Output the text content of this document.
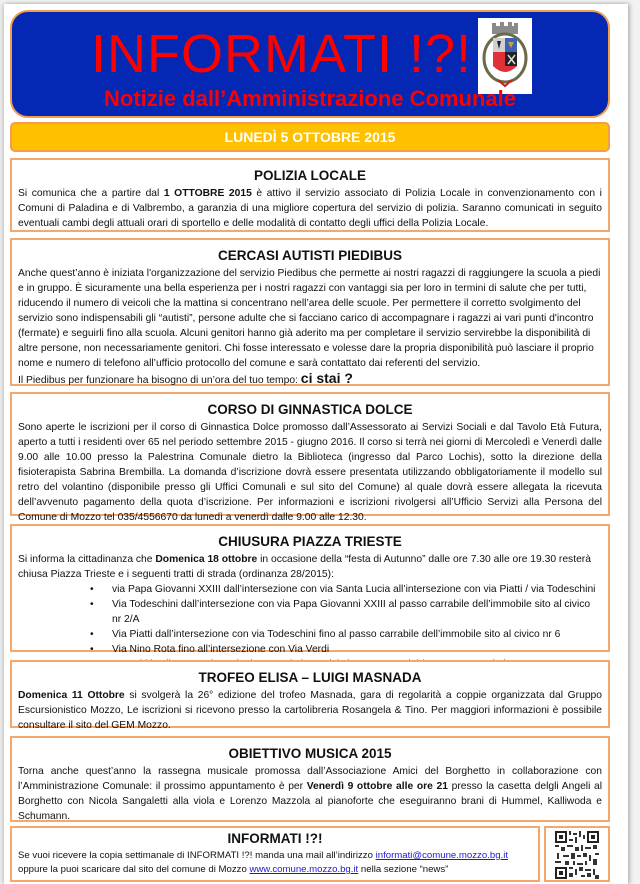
INFORMATI !?!
Notizie dall’Amministrazione Comunale
LUNEDÌ 5 OTTOBRE 2015
POLIZIA LOCALE

Si comunica che a partire dal 1 OTTOBRE 2015 è attivo il servizio associato di Polizia Locale in convenzionamento con i Comuni di Paladina e di Valbrembo, a garanzia di una migliore copertura del servizio di polizia. Saranno comunicati in seguito eventuali cambi degli attuali orari di sportello e delle modalità di contatto degli uffici della Polizia Locale.

CERCASI AUTISTI PIEDIBUS

Anche quest’anno è iniziata l'organizzazione del servizio Piedibus che permette ai nostri ragazzi di raggiungere la scuola a piedi e in gruppo. È sicuramente una bella esperienza per i nostri ragazzi con vantaggi sia per loro in termini di salute che per tutti, riducendo il numero di veicoli che la mattina si concentrano nell’area delle scuole. Per permettere il corretto svolgimento del servizio sono indispensabili gli “autisti”, persone adulte che si facciano carico di accompagnare i ragazzi ai vari punti d'incontro (fermate) e seguirli fino alla scuola. Alcuni genitori hanno già aderito ma per completare il servizio servirebbe la disponibilità di altre persone, non necessariamente genitori. Chi fosse interessato e volesse dare la propria disponibilità può lasciare il proprio nome e numero di telefono all’ufficio protocollo del comune e sarà contattato dai referenti del servizio.

Il Piedibus per funzionare ha bisogno di un’ora del tuo tempo: ci stai ?

CORSO DI GINNASTICA DOLCE

Sono aperte le iscrizioni per il corso di Ginnastica Dolce promosso dall’Assessorato ai Servizi Sociali e dal Tavolo Età Futura, aperto a tutti i residenti over 65 nel periodo settembre 2015 - giugno 2016. Il corso si terrà nei giorni di Mercoledì e Venerdì dalle 9.00 alle 10.00 presso la Palestrina Comunale dietro la Biblioteca (ingresso dal Parco Lochis), sotto la direzione della fisioterapista Sabrina Brembilla. La domanda d’iscrizione dovrà essere presentata utilizzando obbligatoriamente il modello sul retro del volantino (disponibile presso gli Uffici Comunali e sul sito del Comune) al quale dovrà essere allegata la ricevuta dell’avvenuto pagamento della quota d’iscrizione. Per informazioni e iscrizioni rivolgersi all’Ufficio Servizi alla Persona del Comune di Mozzo tel 035/4556670 da lunedì a venerdì dalle 9.00 alle 12.30.

CHIUSURA PIAZZA TRIESTE

Si informa la cittadinanza che Domenica 18 ottobre in occasione della “festa di Autunno” dalle ore 7.30 alle ore 19.30 resterà chiusa Piazza Trieste e i seguenti tratti di strada (ordinanza 28/2015):

• via Papa Giovanni XXIII dall’intersezione con via Santa Lucia all’intersezione con via Piatti / via Todeschini
• Via Todeschini dall’intersezione con via Papa Giovanni XXIII al passo carrabile dell’immobile sito al civico nr 2/A
• Via Piatti dall’intersezione con via Todeschini fino al passo carrabile dell’immobile sito al civico nr 6
• Via Nino Rota fino all’intersezione con Via Verdi

TROFEO ELISA – LUIGI MASNADA

Domenica 11 Ottobre si svolgerà la 26° edizione del trofeo Masnada, gara di regolarità a coppie organizzata dal Gruppo Escursionistico Mozzo, Le iscrizioni si ricevono presso la cartolibreria Rosangela & Tino. Per maggiori informazioni è possibile consultare il sito del GEM Mozzo.

OBIETTIVO MUSICA 2015

Torna anche quest’anno la rassegna musicale promossa dall’Associazione Amici del Borghetto in collaborazione con l’Amministrazione Comunale: il prossimo appuntamento è per Venerdì 9 ottobre alle ore 21 presso la casetta delgli Angeli al Borghetto con Nicola Sangaletti alla viola e Lorenzo Mazzola al pianoforte che eseguiranno brani di Hummel, Kalliwoda e Schumann.

INFORMATI !?!

Se vuoi ricevere la copia settimanale di INFORMATI !?! manda una mail all’indirizzo informati@comune.mozzo.bg.it

oppure la puoi scaricare dal sito del comune di Mozzo www.comune.mozzo.bg.it nella sezione “news”
